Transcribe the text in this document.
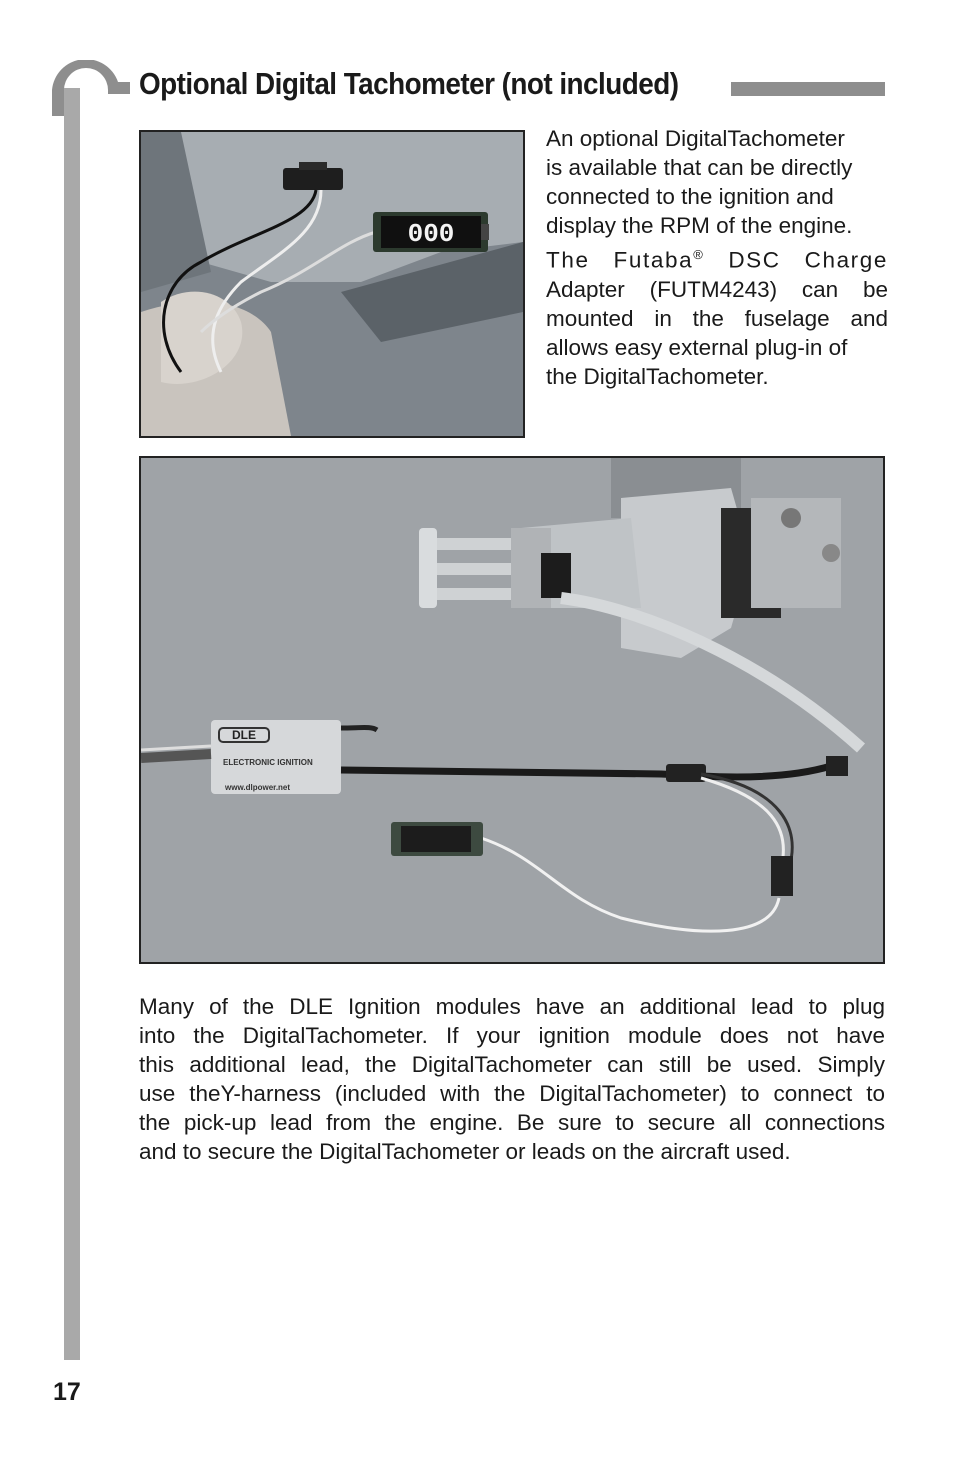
Optional Digital Tachometer (not included)
000
An optional DigitalTachometer
is available that can be directly
connected to the ignition and
display the RPM of the engine.
The Futaba® DSC Charge
Adapter (FUTM4243) can be
mounted in the fuselage and
allows easy external plug-in of
the DigitalTachometer.
DLE
ELECTRONIC IGNITION
www.dlpower.net
Many of the DLE Ignition modules have an additional lead to plug
into the DigitalTachometer. If your ignition module does not have
this additional lead, the DigitalTachometer can still be used. Simply
use theY-harness (included with the DigitalTachometer) to connect to
the pick-up lead from the engine. Be sure to secure all connections
and to secure the DigitalTachometer or leads on the aircraft used.
17
